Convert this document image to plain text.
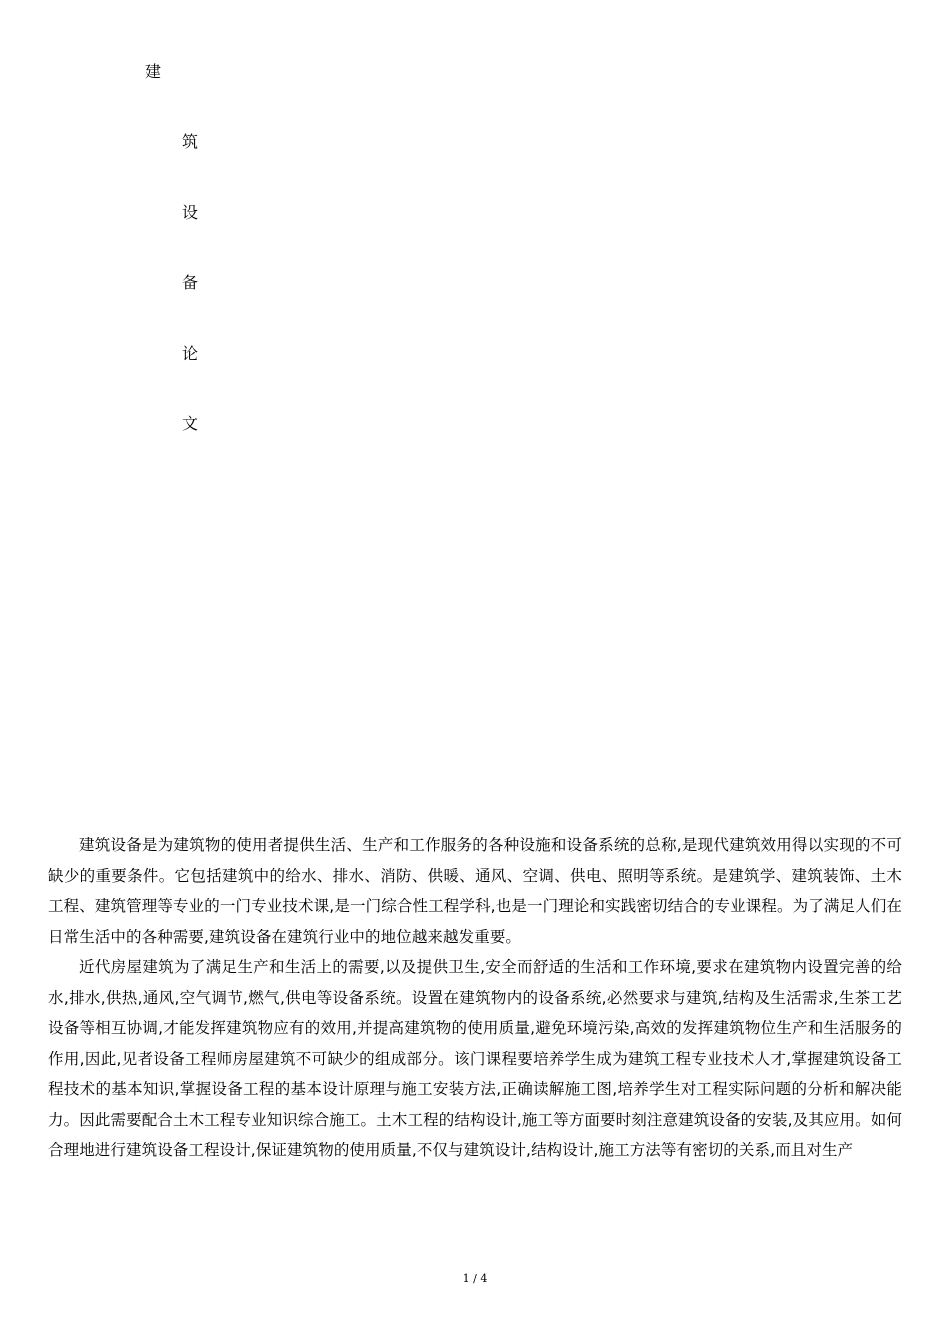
建
筑
设
备
论
文

建筑设备是为建筑物的使用者提供生活、生产和工作服务的各种设施和设备系统的总称,是现代建筑效用得以实现的不可缺少的重要条件。它包括建筑中的给水、排水、消防、供暖、通风、空调、供电、照明等系统。是建筑学、建筑装饰、土木工程、建筑管理等专业的一门专业技术课,是一门综合性工程学科,也是一门理论和实践密切结合的专业课程。为了满足人们在日常生活中的各种需要,建筑设备在建筑行业中的地位越来越发重要。

近代房屋建筑为了满足生产和生活上的需要,以及提供卫生,安全而舒适的生活和工作环境,要求在建筑物内设置完善的给水,排水,供热,通风,空气调节,燃气,供电等设备系统。设置在建筑物内的设备系统,必然要求与建筑,结构及生活需求,生茶工艺设备等相互协调,才能发挥建筑物应有的效用,并提高建筑物的使用质量,避免环境污染,高效的发挥建筑物位生产和生活服务的作用,因此,见者设备工程师房屋建筑不可缺少的组成部分。该门课程要培养学生成为建筑工程专业技术人才,掌握建筑设备工程技术的基本知识,掌握设备工程的基本设计原理与施工安装方法,正确读解施工图,培养学生对工程实际问题的分析和解决能力。因此需要配合土木工程专业知识综合施工。土木工程的结构设计,施工等方面要时刻注意建筑设备的安装,及其应用。如何合理地进行建筑设备工程设计,保证建筑物的使用质量,不仅与建筑设计,结构设计,施工方法等有密切的关系,而且对生产

1 / 4
